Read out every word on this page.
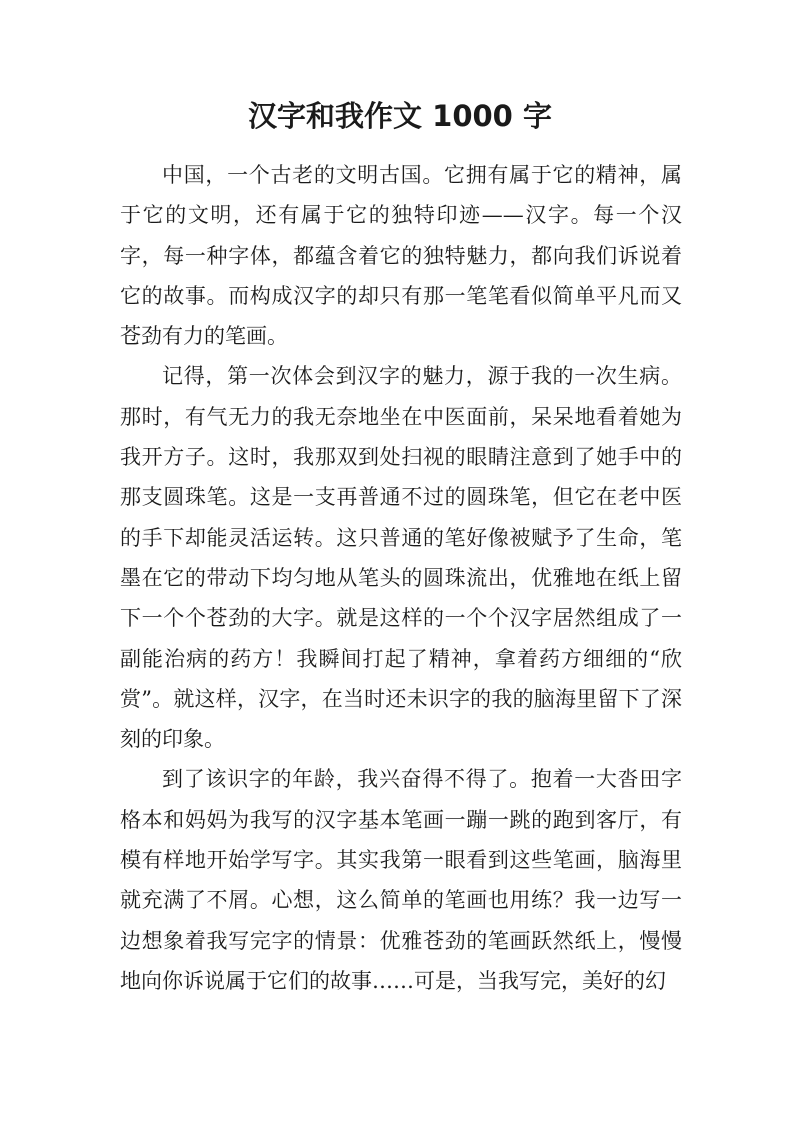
汉字和我作文 1000 字

中国，一个古老的文明古国。它拥有属于它的精神，属于它的文明，还有属于它的独特印迹——汉字。每一个汉字，每一种字体，都蕴含着它的独特魅力，都向我们诉说着它的故事。而构成汉字的却只有那一笔笔看似简单平凡而又苍劲有力的笔画。

记得，第一次体会到汉字的魅力，源于我的一次生病。那时，有气无力的我无奈地坐在中医面前，呆呆地看着她为我开方子。这时，我那双到处扫视的眼睛注意到了她手中的那支圆珠笔。这是一支再普通不过的圆珠笔，但它在老中医的手下却能灵活运转。这只普通的笔好像被赋予了生命，笔墨在它的带动下均匀地从笔头的圆珠流出，优雅地在纸上留下一个个苍劲的大字。就是这样的一个个汉字居然组成了一副能治病的药方！我瞬间打起了精神，拿着药方细细的“欣赏”。就这样，汉字，在当时还未识字的我的脑海里留下了深刻的印象。

到了该识字的年龄，我兴奋得不得了。抱着一大沓田字格本和妈妈为我写的汉字基本笔画一蹦一跳的跑到客厅，有模有样地开始学写字。其实我第一眼看到这些笔画，脑海里就充满了不屑。心想，这么简单的笔画也用练？我一边写一边想象着我写完字的情景：优雅苍劲的笔画跃然纸上，慢慢地向你诉说属于它们的故事……可是，当我写完，美好的幻
